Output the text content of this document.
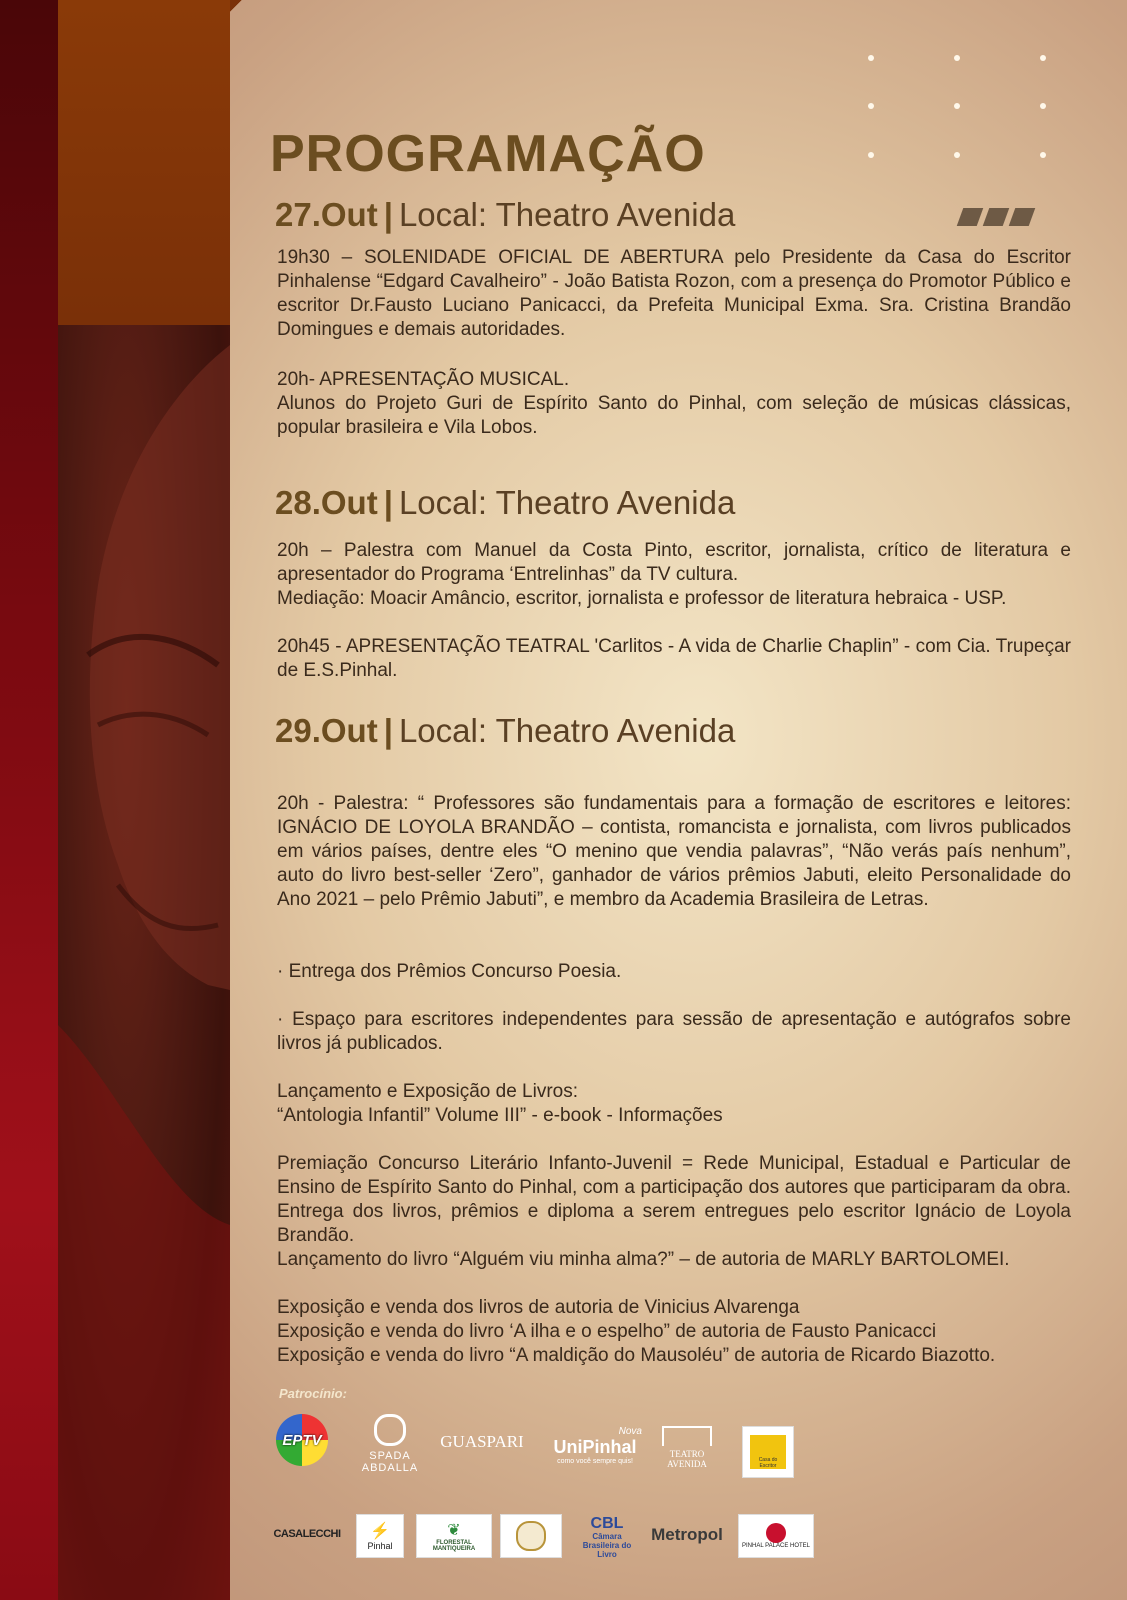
PROGRAMAÇÃO
27.Out | Local: Theatro Avenida

19h30 – SOLENIDADE OFICIAL DE ABERTURA pelo Presidente da Casa do Escritor Pinhalense “Edgard Cavalheiro” - João Batista Rozon, com a presença do Promotor Público e escritor Dr.Fausto Luciano Panicacci, da Prefeita Municipal Exma. Sra. Cristina Brandão Domingues e demais autoridades.

20h- APRESENTAÇÃO MUSICAL.

Alunos do Projeto Guri de Espírito Santo do Pinhal, com seleção de músicas clássicas, popular brasileira e Vila Lobos.

28.Out | Local: Theatro Avenida

20h – Palestra com Manuel da Costa Pinto, escritor, jornalista, crítico de literatura e apresentador do Programa ‘Entrelinhas” da TV cultura.

Mediação: Moacir Amâncio, escritor, jornalista e professor de literatura hebraica - USP.

20h45 - APRESENTAÇÃO TEATRAL 'Carlitos - A vida de Charlie Chaplin” - com Cia. Trupeçar de E.S.Pinhal.

29.Out | Local: Theatro Avenida

20h - Palestra: “ Professores são fundamentais para a formação de escritores e leitores: IGNÁCIO DE LOYOLA BRANDÃO – contista, romancista e jornalista, com livros publicados em vários países, dentre eles “O menino que vendia palavras”, “Não verás país nenhum”, auto do livro best-seller ‘Zero”, ganhador de vários prêmios Jabuti, eleito Personalidade do Ano 2021 – pelo Prêmio Jabuti”, e membro da Academia Brasileira de Letras.

· Entrega dos Prêmios Concurso Poesia.

· Espaço para escritores independentes para sessão de apresentação e autógrafos sobre livros já publicados.

Lançamento e Exposição de Livros:

“Antologia Infantil” Volume III” - e-book - Informações

Premiação Concurso Literário Infanto-Juvenil = Rede Municipal, Estadual e Particular de Ensino de Espírito Santo do Pinhal, com a participação dos autores que participaram da obra. Entrega dos livros, prêmios e diploma a serem entregues pelo escritor Ignácio de Loyola Brandão.

Lançamento do livro “Alguém viu minha alma?” – de autoria de MARLY BARTOLOMEI.

Exposição e venda dos livros de autoria de Vinicius Alvarenga

Exposição e venda do livro ‘A ilha e o espelho” de autoria de Fausto Panicacci

Exposição e venda do livro “A maldição do Mausoléu” de autoria de Ricardo Biazotto.

Patrocínio:
EPTV
SPADA ABDALLA
GUASPARI
Nova
UniPinhal
como você sempre quis!
TEATRO AVENIDA	Casa do Escritor
CASALECCHI ⚡
Pinhal
❦
FLORESTAL MANTIQUEIRA
CBL
Câmara Brasileira do Livro
Metropol
PINHAL PALACE HOTEL
